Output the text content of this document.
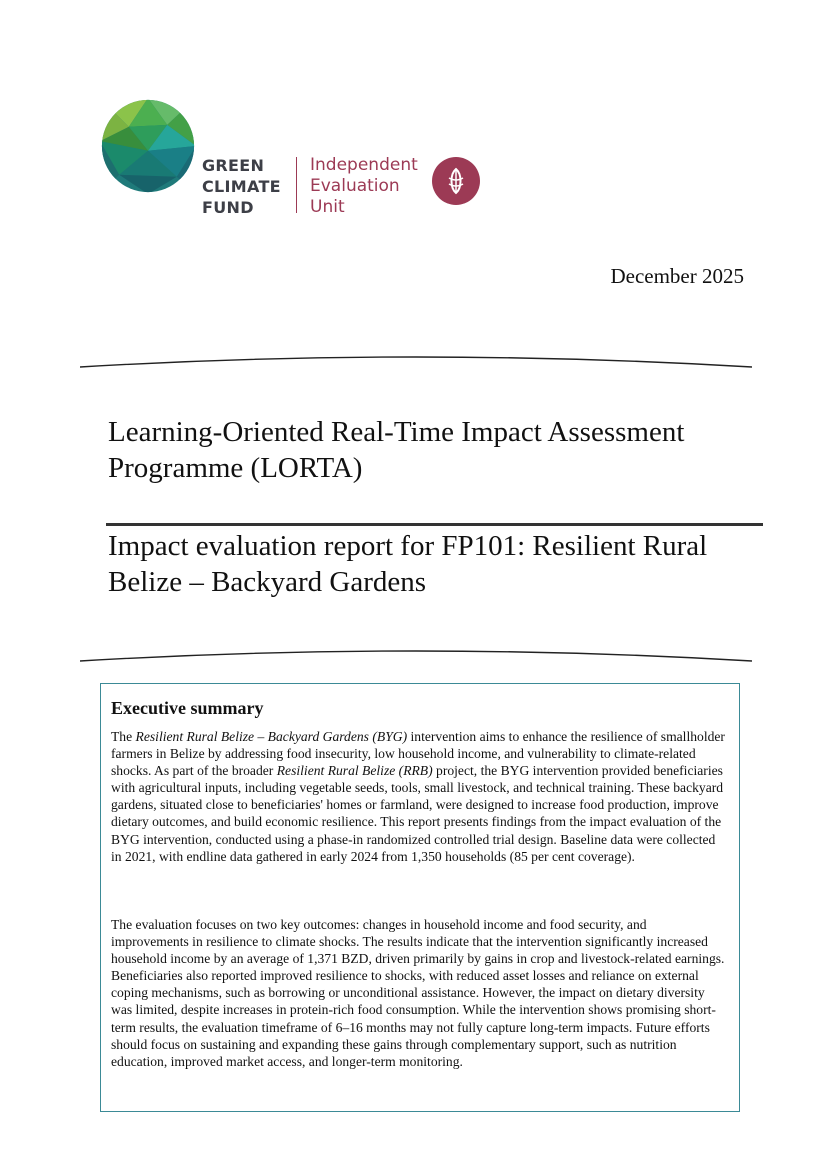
GREEN
CLIMATE
FUND
Independent
Evaluation
Unit
December 2025
Learning-Oriented Real-Time Impact Assessment Programme (LORTA)
Impact evaluation report for FP101: Resilient Rural Belize – Backyard Gardens
Executive summary

The Resilient Rural Belize – Backyard Gardens (BYG) intervention aims to enhance the resilience of smallholder farmers in Belize by addressing food insecurity, low household income, and vulnerability to climate-related shocks. As part of the broader Resilient Rural Belize (RRB) project, the BYG intervention provided beneficiaries with agricultural inputs, including vegetable seeds, tools, small livestock, and technical training. These backyard gardens, situated close to beneficiaries' homes or farmland, were designed to increase food production, improve dietary outcomes, and build economic resilience. This report presents findings from the impact evaluation of the BYG intervention, conducted using a phase-in randomized controlled trial design. Baseline data were collected in 2021, with endline data gathered in early 2024 from 1,350 households (85 per cent coverage).

The evaluation focuses on two key outcomes: changes in household income and food security, and improvements in resilience to climate shocks. The results indicate that the intervention significantly increased household income by an average of 1,371 BZD, driven primarily by gains in crop and livestock-related earnings. Beneficiaries also reported improved resilience to shocks, with reduced asset losses and reliance on external coping mechanisms, such as borrowing or unconditional assistance. However, the impact on dietary diversity was limited, despite increases in protein-rich food consumption. While the intervention shows promising short-term results, the evaluation timeframe of 6–16 months may not fully capture long-term impacts. Future efforts should focus on sustaining and expanding these gains through complementary support, such as nutrition education, improved market access, and longer-term monitoring.
